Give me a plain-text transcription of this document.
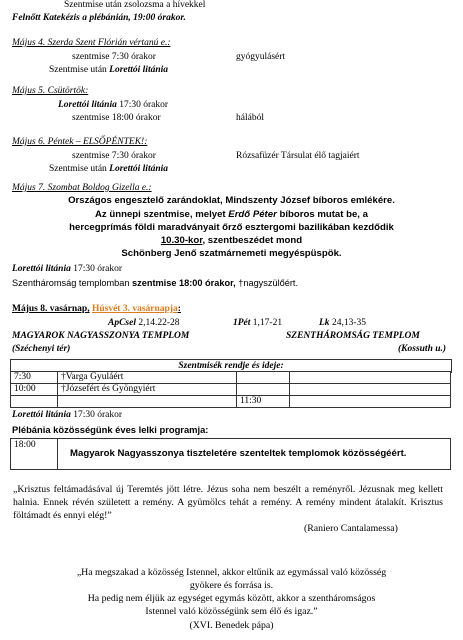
Szentmise után zsolozsma a hívekkel
Felnőtt Katekézis a plébánián, 19:00 órakor.
Május 4. Szerda Szent Flórián vértanú e.:
szentmise 7:30 órakor	gyógyulásért
Szentmise után Lorettói litánia
Május 5. Csütörtök:
Lorettói litánia 17:30 órakor
szentmise 18:00 órakor	hálából
Május 6. Péntek – ELSŐPÉNTEK!:
szentmise 7:30 órakor	Rózsafüzér Társulat élő tagjaiért
Szentmise után Lorettói litánia
Május 7. Szombat Boldog Gizella e.:
Országos engesztelő zarándoklat, Mindszenty József bíboros emlékére.
Az ünnepi szentmise, melyet Erdő Péter bíboros mutat be, a
hercegprímás földi maradványait őrző esztergomi bazilikában kezdődik
10.30-kor, szentbeszédet mond
Schönberg Jenő szatmárnemeti megyéspüspök.
Lorettói litánia 17:30 órakor
Szentháromság templomban szentmise 18:00 órakor, †nagyszülőért.
Május 8. vasárnap, Húsvét 3. vasárnapja:
ApCsel 2,14.22-28	1Pét 1,17-21	Lk 24,13-35
MAGYAROK NAGYASSZONYA TEMPLOM	SZENTHÁROMSÁG TEMPLOM
(Széchenyi tér)	(Kossuth u.)
Szentmisék rendje és ideje:
7:30	†Varga Gyuláért		
10:00	†Józsefért és Gyöngyiért		
		11:30	
Lorettói litánia 17:30 órakor
Plébánia közösségünk éves lelki programja:
18:00	Magyarok Nagyasszonya tiszteletére szenteltek templomok közösségéért.
„Krisztus feltámadásával új Teremtés jött létre. Jézus soha nem beszélt a reményről. Jézusnak meg kellett halnia. Ennek révén született a remény. A gyümölcs tehát a remény. A remény mindent átalakít. Krisztus föltámadt és ennyi elég!”
(Raniero Cantalamessa)
„Ha megszakad a közösség Istennel, akkor eltűnik az egymással való közösség
gyökere és forrása is.
Ha pedig nem éljük az egységet egymás között, akkor a szentháromságos
Istennel való közösségünk sem élő és igaz.”
(XVI. Benedek pápa)
